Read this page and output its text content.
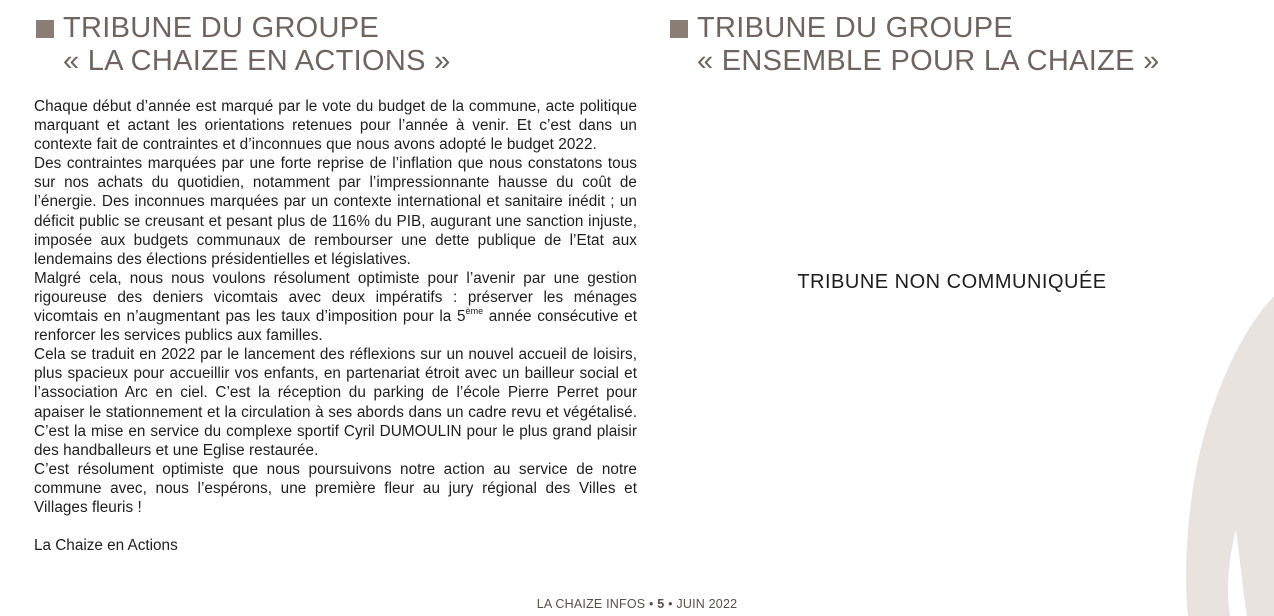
TRIBUNE DU GROUPE
« LA CHAIZE EN ACTIONS »

Chaque début d’année est marqué par le vote du budget de la commune, acte politique marquant et actant les orientations retenues pour l’année à venir. Et c’est dans un contexte fait de contraintes et d’inconnues que nous avons adopté le budget 2022.

Des contraintes marquées par une forte reprise de l’inflation que nous constatons tous sur nos achats du quotidien, notamment par l’impressionnante hausse du coût de l’énergie. Des inconnues marquées par un contexte international et sanitaire inédit ; un déficit public se creusant et pesant plus de 116% du PIB, augurant une sanction injuste, imposée aux budgets communaux de rembourser une dette publique de l’Etat aux lendemains des élections présidentielles et législatives.

Malgré cela, nous nous voulons résolument optimiste pour l’avenir par une gestion rigoureuse des deniers vicomtais avec deux impératifs : préserver les ménages vicomtais en n’augmentant pas les taux d’imposition pour la 5ème année consécutive et renforcer les services publics aux familles.

Cela se traduit en 2022 par le lancement des réflexions sur un nouvel accueil de loisirs, plus spacieux pour accueillir vos enfants, en partenariat étroit avec un bailleur social et l’association Arc en ciel. C’est la réception du parking de l’école Pierre Perret pour apaiser le stationnement et la circulation à ses abords dans un cadre revu et végétalisé. C’est la mise en service du complexe sportif Cyril DUMOULIN pour le plus grand plaisir des handballeurs et une Eglise restaurée.

C’est résolument optimiste que nous poursuivons notre action au service de notre commune avec, nous l’espérons, une première fleur au jury régional des Villes et Villages fleuris !

La Chaize en Actions
TRIBUNE DU GROUPE
« ENSEMBLE POUR LA CHAIZE »
TRIBUNE NON COMMUNIQUÉE
LA CHAIZE INFOS • 5 • JUIN 2022
